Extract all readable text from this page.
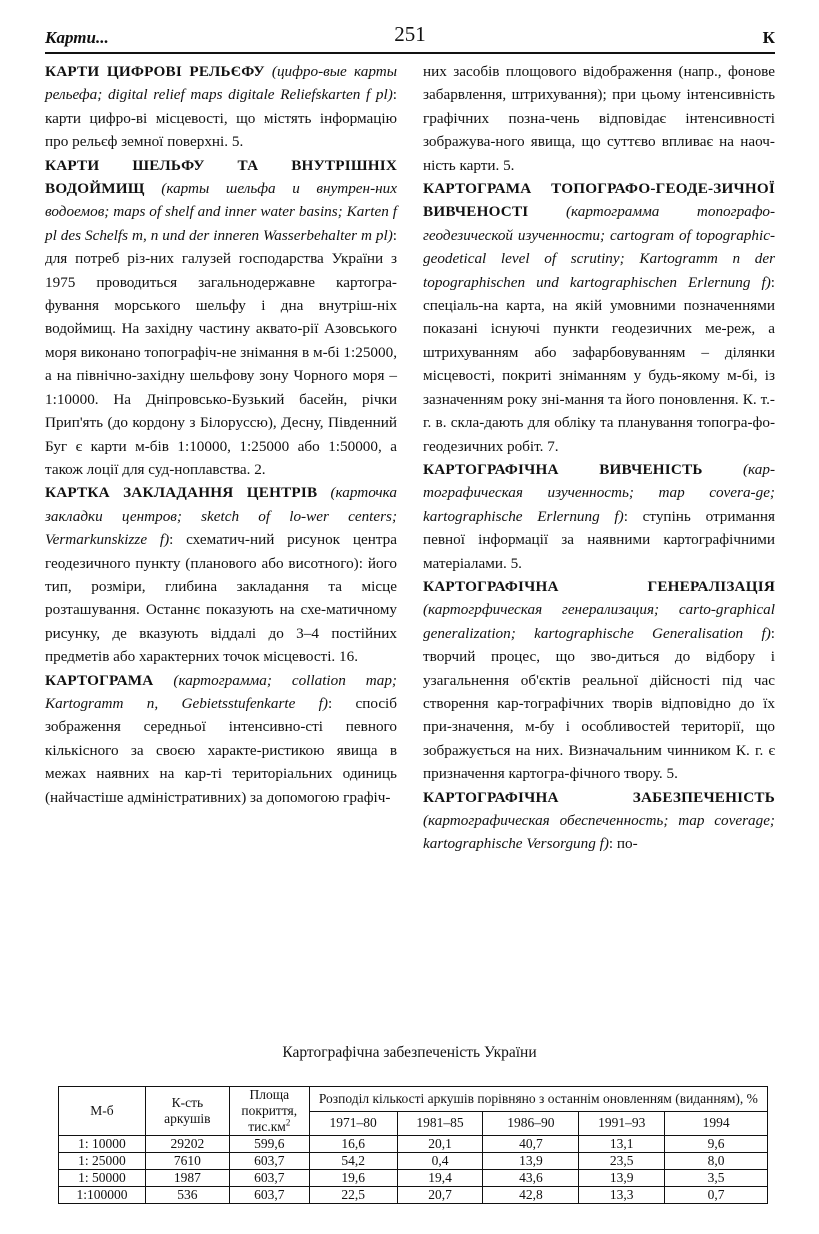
Карти...	251	К

КАРТИ ЦИФРОВІ РЕЛЬЄФУ (цифро-вые карты рельефа; digital relief maps digitale Reliefskarten f pl): карти цифро-ві місцевості, що містять інформацію про рельєф земної поверхні. 5.

КАРТИ ШЕЛЬФУ ТА ВНУТРІШНІХ ВОДОЙМИЩ (карты шельфа и внутрен-них водоемов; maps of shelf and inner water basins; Karten f pl des Schelfs m, n und der inneren Wasserbehalter m pl): для потреб різ-них галузей господарства України з 1975 проводиться загальнодержавне картогра-фування морського шельфу і дна внутріш-ніх водоймищ. На західну частину аквато-рії Азовського моря виконано топографіч-не знімання в м-бі 1:25000, а на північно-західну шельфову зону Чорного моря – 1:10000. На Дніпровсько-Бузький басейн, річки Прип'ять (до кордону з Білоруссю), Десну, Південний Буг є карти м-бів 1:10000, 1:25000 або 1:50000, а також лоції для суд-ноплавства. 2.

КАРТКА ЗАКЛАДАННЯ ЦЕНТРІВ (карточка закладки центров; sketch of lo-wer centers; Vermarkunskizze f): схематич-ний рисунок центра геодезичного пункту (планового або висотного): його тип, розміри, глибина закладання та місце розташування. Останнє показують на схе-матичному рисунку, де вказують віддалі до 3–4 постійних предметів або характерних точок місцевості. 16.

КАРТОГРАМА (картограмма; collation map; Kartogramm n, Gebietsstufenkarte f): спосіб зображення середньої інтенсивно-сті певного кількісного за своєю характе-ристикою явища в межах наявних на кар-ті територіальних одиниць (найчастіше адміністративних) за допомогою графіч-

них засобів площового відображення (напр., фонове забарвлення, штрихування); при цьому інтенсивність графічних позна-чень відповідає інтенсивності зображува-ного явища, що суттєво впливає на наоч-ність карти. 5.

КАРТОГРАМА ТОПОГРАФО-ГЕОДЕ-ЗИЧНОЇ ВИВЧЕНОСТІ (картограмма топографо-геодезической изученности; cartogram of topographic-geodetical level of scrutiny; Kartogramm n der topographischen und kartographischen Erlernung f): спеціаль-на карта, на якій умовними позначеннями показані існуючі пункти геодезичних ме-реж, а штрихуванням або зафарбовуванням – ділянки місцевості, покриті зніманням у будь-якому м-бі, із зазначенням року зні-мання та його поновлення. К. т.-г. в. скла-дають для обліку та планування топогра-фо-геодезичних робіт. 7.

КАРТОГРАФІЧНА ВИВЧЕНІСТЬ	(кар-тографическая изученность; map covera-ge; kartographische Erlernung f): ступінь отримання певної інформації за наявними картографічними матеріалами. 5.

КАРТОГРАФІЧНА ГЕНЕРАЛІЗАЦІЯ (картогрфическая генерализация; carto-graphical generalization; kartographische Generalisation f): творчий процес, що зво-диться до відбору і узагальнення об'єктів реальної дійсності під час створення кар-тографічних творів відповідно до їх при-значення, м-бу і особливостей території, що зображується на них. Визначальним чинником К. г. є призначення картогра-фічного твору. 5.

КАРТОГРАФІЧНА ЗАБЕЗПЕЧЕНІСТЬ (картографическая обеспеченность; map coverage; kartographische Versorgung f): по-

Картографічна забезпеченість України
М-б	К-сть аркушів	Площа покриття,
$тис.км^2$	Розподіл кількості аркушів порівняно з останнім оновленням (виданням), %				
			1971–80	1981–85	1986–90	1991–93	1994
1: 10000	29202	599,6	16,6	20,1	40,7	13,1	9,6
1: 25000	7610	603,7	54,2	0,4	13,9	23,5	8,0
1: 50000	1987	603,7	19,6	19,4	43,6	13,9	3,5
1:100000	536	603,7	22,5	20,7	42,8	13,3	0,7
